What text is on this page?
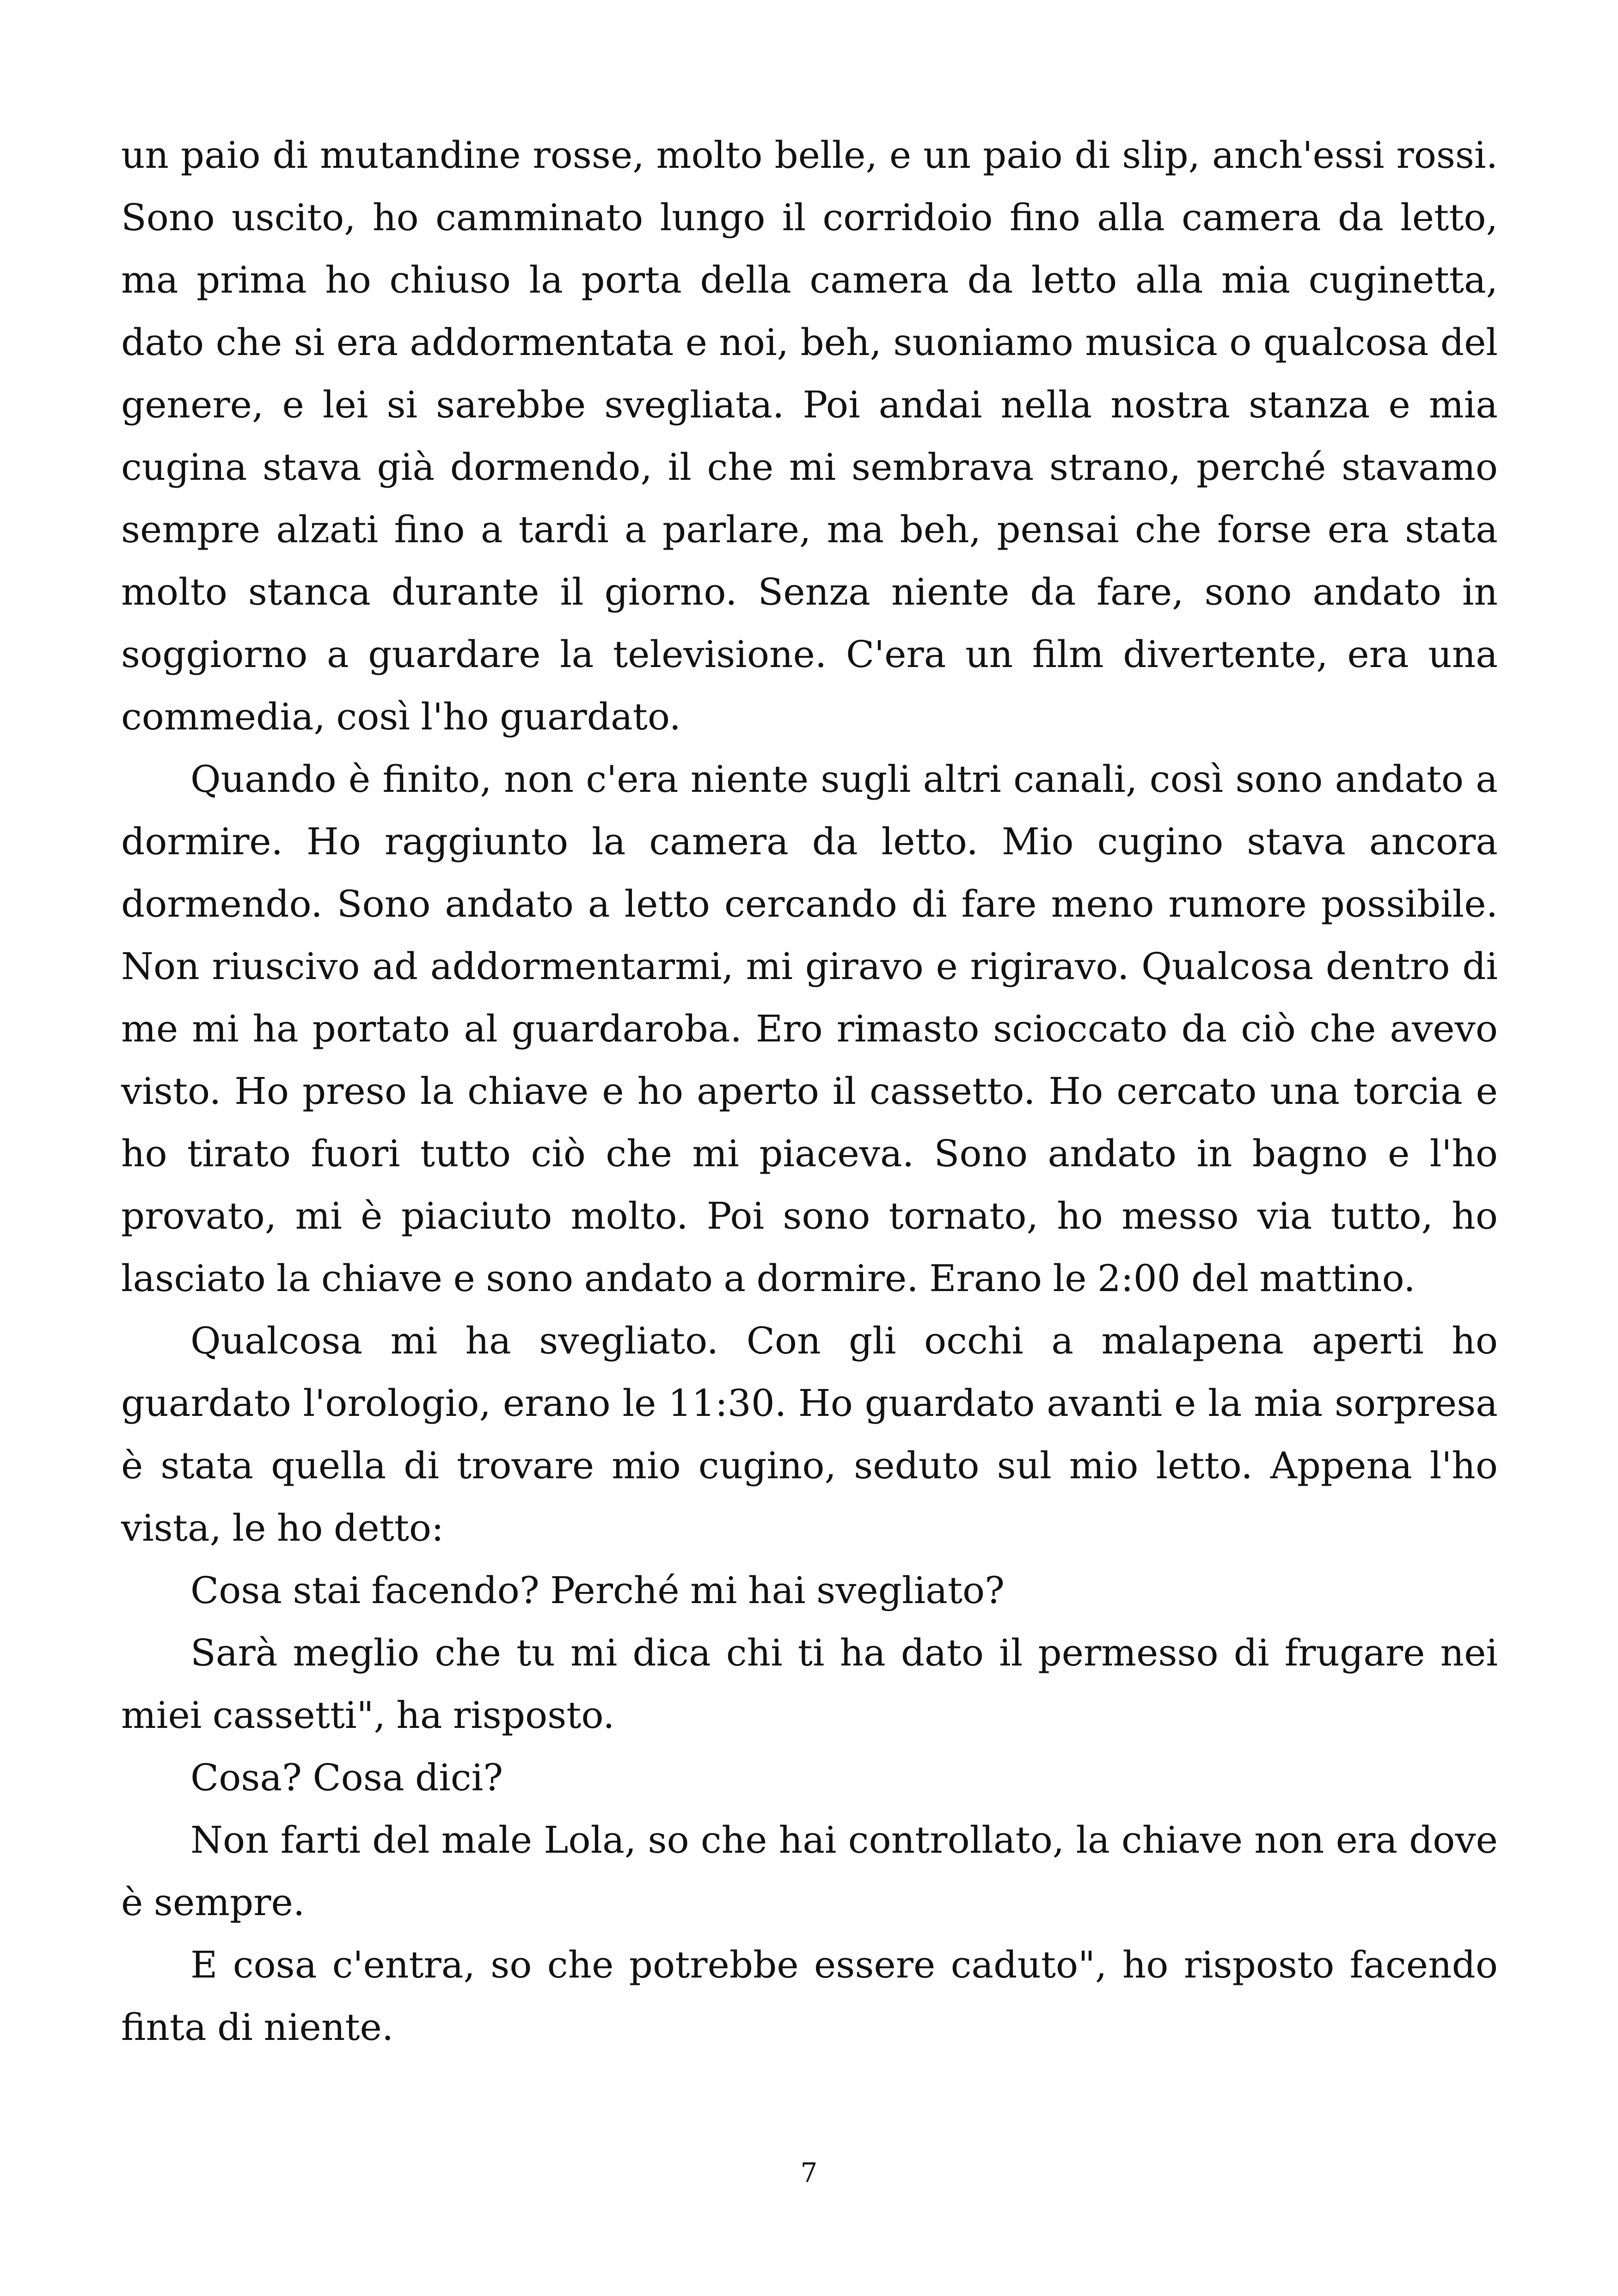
un paio di mutandine rosse, molto belle, e un paio di slip, anch'essi rossi. Sono uscito, ho camminato lungo il corridoio fino alla camera da letto, ma prima ho chiuso la porta della camera da letto alla mia cuginetta, dato che si era addormentata e noi, beh, suoniamo musica o qualcosa del genere, e lei si sarebbe svegliata. Poi andai nella nostra stanza e mia cugina stava già dormendo, il che mi sembrava strano, perché stavamo sempre alzati fino a tardi a parlare, ma beh, pensai che forse era stata molto stanca durante il giorno. Senza niente da fare, sono andato in soggiorno a guardare la televisione. C'era un film divertente, era una commedia, così l'ho guardato.

Quando è finito, non c'era niente sugli altri canali, così sono andato a dormire. Ho raggiunto la camera da letto. Mio cugino stava ancora dormendo. Sono andato a letto cercando di fare meno rumore possibile. Non riuscivo ad addormentarmi, mi giravo e rigiravo. Qualcosa dentro di me mi ha portato al guardaroba. Ero rimasto scioccato da ciò che avevo visto. Ho preso la chiave e ho aperto il cassetto. Ho cercato una torcia e ho tirato fuori tutto ciò che mi piaceva. Sono andato in bagno e l'ho provato, mi è piaciuto molto. Poi sono tornato, ho messo via tutto, ho lasciato la chiave e sono andato a dormire. Erano le 2:00 del mattino.

Qualcosa mi ha svegliato. Con gli occhi a malapena aperti ho guardato l'orologio, erano le 11:30. Ho guardato avanti e la mia sorpresa è stata quella di trovare mio cugino, seduto sul mio letto. Appena l'ho vista, le ho detto:

Cosa stai facendo? Perché mi hai svegliato?

Sarà meglio che tu mi dica chi ti ha dato il permesso di frugare nei miei cassetti", ha risposto.

Cosa? Cosa dici?

Non farti del male Lola, so che hai controllato, la chiave non era dove è sempre.

E cosa c'entra, so che potrebbe essere caduto", ho risposto facendo finta di niente.

7
